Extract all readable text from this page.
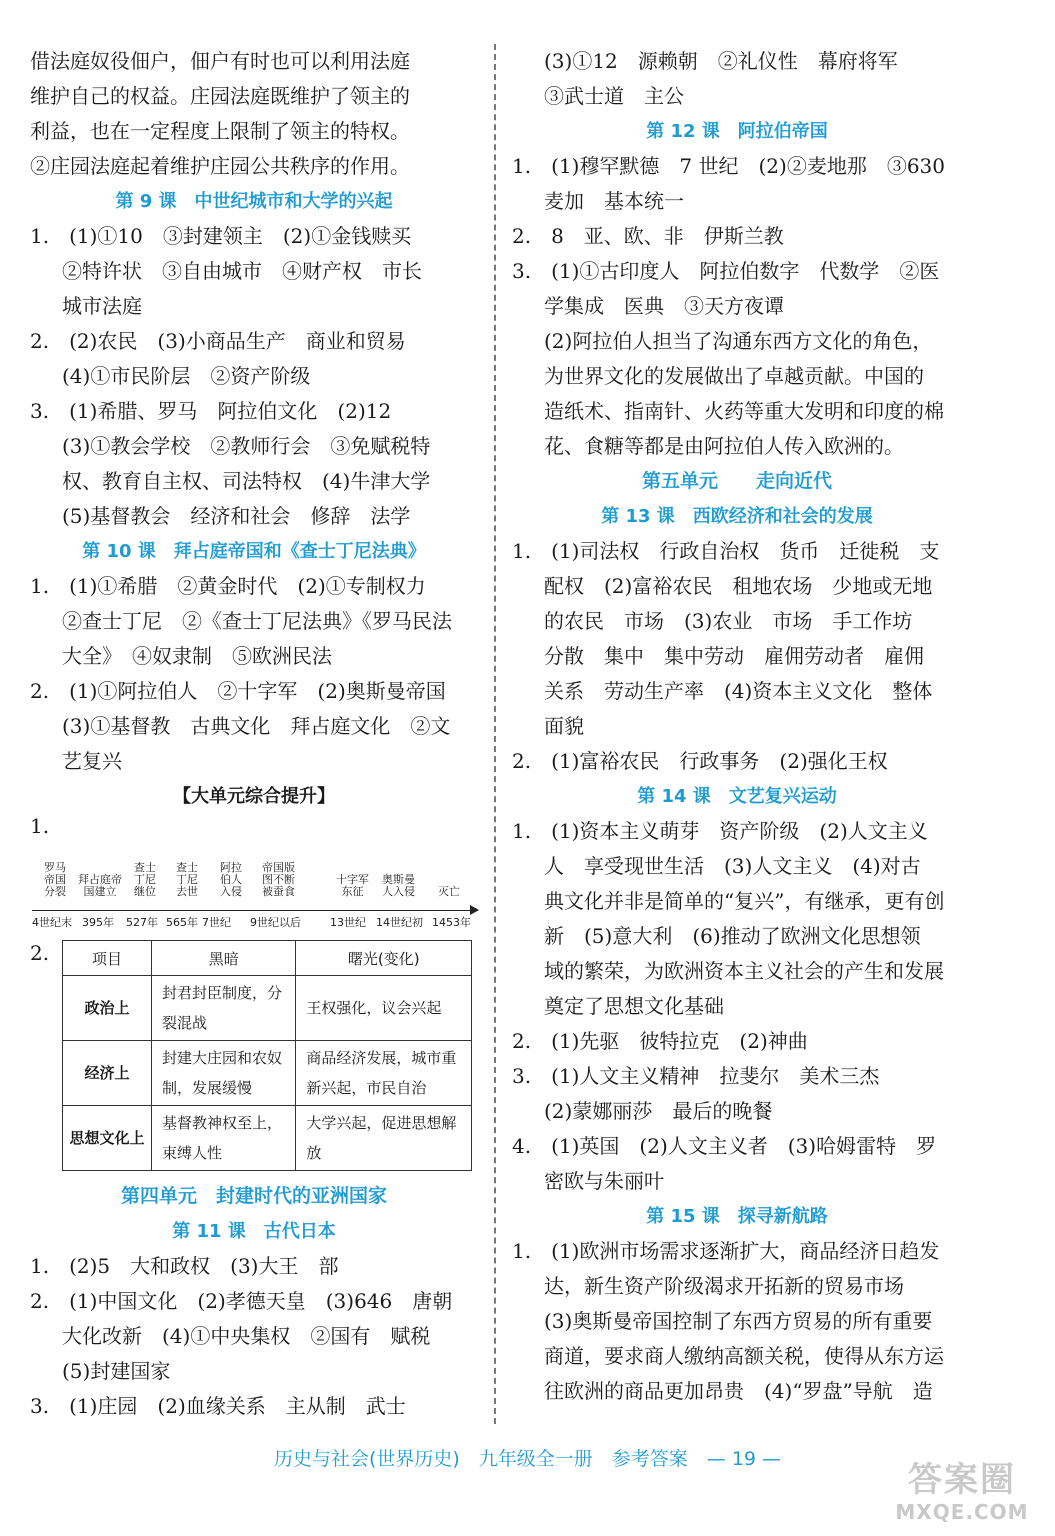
借法庭奴役佃户，佃户有时也可以利用法庭
维护自己的权益。庄园法庭既维护了领主的
利益，也在一定程度上限制了领主的特权。
②庄园法庭起着维护庄园公共秩序的作用。
第 9 课　中世纪城市和大学的兴起
1.　(1)①10　③封建领主　(2)①金钱赎买
②特许状　③自由城市　④财产权　市长
城市法庭
2.　(2)农民　(3)小商品生产　商业和贸易
(4)①市民阶层　②资产阶级
3.　(1)希腊、罗马　阿拉伯文化　(2)12
(3)①教会学校　②教师行会　③免赋税特
权、教育自主权、司法特权　(4)牛津大学
(5)基督教会　经济和社会　修辞　法学
第 10 课　拜占庭帝国和《查士丁尼法典》
1.　(1)①希腊　②黄金时代　(2)①专制权力
②查士丁尼　②《查士丁尼法典》《罗马民法
大全》　④奴隶制　⑤欧洲民法
2.　(1)①阿拉伯人　②十字军　(2)奥斯曼帝国
(3)①基督教　古典文化　拜占庭文化　②文
艺复兴
【大单元综合提升】
1.
罗马
帝国
分裂
拜占庭帝
国建立
查士
丁尼
继位
查士
丁尼
去世
阿拉
伯人
入侵
帝国版
图不断
被蚕食
十字军
东征
奥斯曼
人入侵 灭亡
4世纪末 395年 527年 565年 7世纪 9世纪以后	13世纪 14世纪初 1453年
2.	项目	黑暗	曙光(变化)
政治上	封君封臣制度，分裂混战	王权强化，议会兴起
经济上	封建大庄园和农奴制，发展缓慢	商品经济发展，城市重新兴起，市民自治
思想文化上	基督教神权至上，束缚人性	大学兴起，促进思想解放
第四单元　封建时代的亚洲国家
第 11 课　古代日本
1.　(2)5　大和政权　(3)大王　部
2.　(1)中国文化　(2)孝德天皇　(3)646　唐朝
大化改新　(4)①中央集权　②国有　赋税
(5)封建国家
3.　(1)庄园　(2)血缘关系　主从制　武士
(3)①12　源赖朝　②礼仪性　幕府将军
③武士道　主公
第 12 课　阿拉伯帝国
1.　(1)穆罕默德　7 世纪　(2)②麦地那　③630
麦加　基本统一
2.　8　亚、欧、非　伊斯兰教
3.　(1)①古印度人　阿拉伯数字　代数学　②医
学集成　医典　③天方夜谭
(2)阿拉伯人担当了沟通东西方文化的角色，
为世界文化的发展做出了卓越贡献。中国的
造纸术、指南针、火药等重大发明和印度的棉
花、食糖等都是由阿拉伯人传入欧洲的。
第五单元　　走向近代
第 13 课　西欧经济和社会的发展
1.　(1)司法权　行政自治权　货币　迁徙税　支
配权　(2)富裕农民　租地农场　少地或无地
的农民　市场　(3)农业　市场　手工作坊
分散　集中　集中劳动　雇佣劳动者　雇佣
关系　劳动生产率　(4)资本主义文化　整体
面貌
2.　(1)富裕农民　行政事务　(2)强化王权
第 14 课　文艺复兴运动
1.　(1)资本主义萌芽　资产阶级　(2)人文主义
人　享受现世生活　(3)人文主义　(4)对古
典文化并非是简单的“复兴”，有继承，更有创
新　(5)意大利　(6)推动了欧洲文化思想领
域的繁荣，为欧洲资本主义社会的产生和发展
奠定了思想文化基础
2.　(1)先驱　彼特拉克　(2)神曲
3.　(1)人文主义精神　拉斐尔　美术三杰
(2)蒙娜丽莎　最后的晚餐
4.　(1)英国　(2)人文主义者　(3)哈姆雷特　罗
密欧与朱丽叶
第 15 课　探寻新航路
1.　(1)欧洲市场需求逐渐扩大，商品经济日趋发
达，新生资产阶级渴求开拓新的贸易市场
(3)奥斯曼帝国控制了东西方贸易的所有重要
商道，要求商人缴纳高额关税，使得从东方运
往欧洲的商品更加昂贵　(4)“罗盘”导航　造
历史与社会(世界历史)　九年级全一册　参考答案　— 19 —
答案圈
MXQE.COM
